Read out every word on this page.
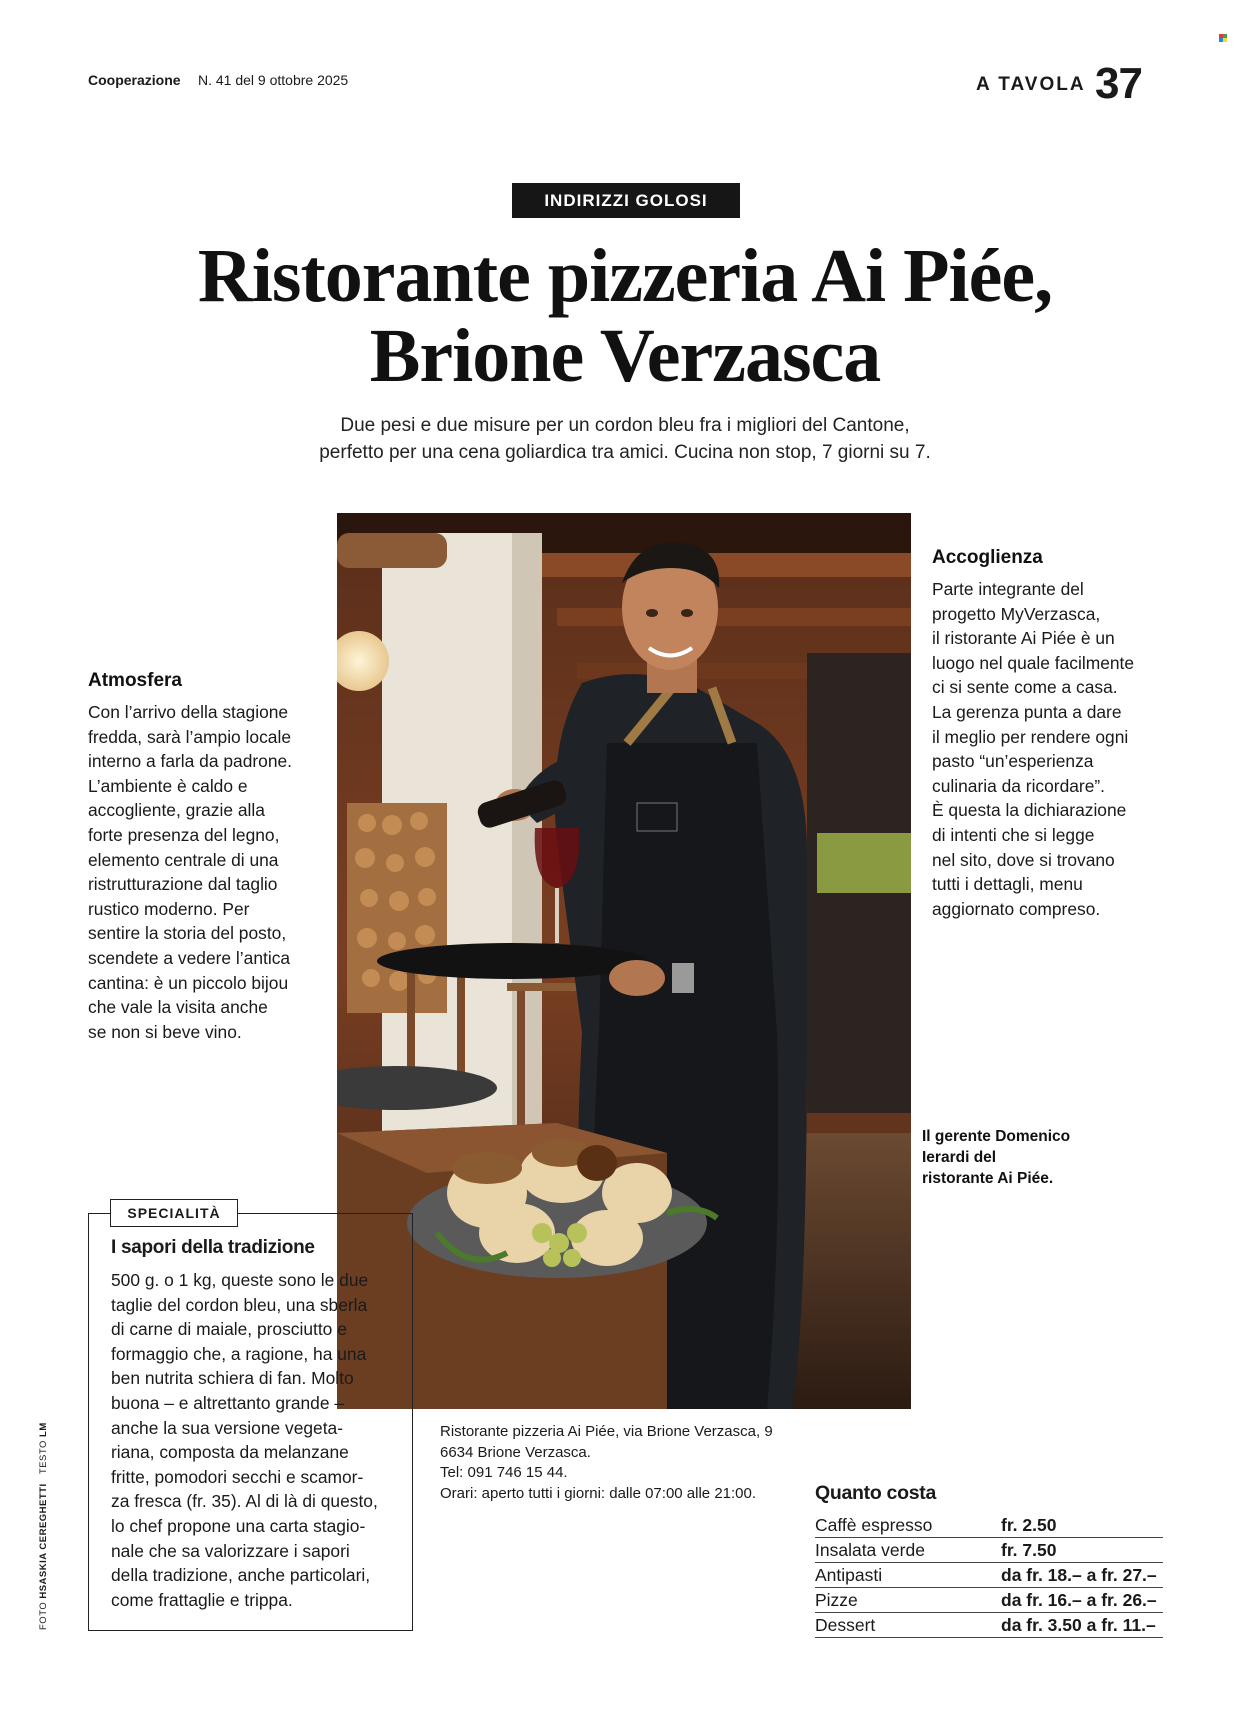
Cooperazione N. 41 del 9 ottobre 2025	A TAVOLA 37
INDIRIZZI GOLOSI
Ristorante pizzeria Ai Piée,
Brione Verzasca
Due pesi e due misure per un cordon bleu fra i migliori del Cantone,
perfetto per una cena goliardica tra amici. Cucina non stop, 7 giorni su 7.
Atmosfera
Con l’arrivo della stagione
fredda, sarà l’ampio locale
interno a farla da padrone.
L’ambiente è caldo e
accogliente, grazie alla
forte presenza del legno,
elemento centrale di una
ristrutturazione dal taglio
rustico moderno. Per
sentire la storia del posto,
scendete a vedere l’antica
cantina: è un piccolo bijou
che vale la visita anche
se non si beve vino.
Accoglienza
Parte integrante del
progetto MyVerzasca,
il ristorante Ai Piée è un
luogo nel quale facilmente
ci si sente come a casa.
La gerenza punta a dare
il meglio per rendere ogni
pasto “un’esperienza
culinaria da ricordare”.
È questa la dichiarazione
di intenti che si legge
nel sito, dove si trovano
tutti i dettagli, menu
aggiornato compreso.
Il gerente Domenico
Ierardi del
ristorante Ai Piée.
SPECIALITÀ
I sapori della tradizione
500 g. o 1 kg, queste sono le due
taglie del cordon bleu, una sberla
di carne di maiale, prosciutto e
formaggio che, a ragione, ha una
ben nutrita schiera di fan. Molto
buona – e altrettanto grande –
anche la sua versione vegeta-
riana, composta da melanzane
fritte, pomodori secchi e scamor-
za fresca (fr. 35). Al di là di questo,
lo chef propone una carta stagio-
nale che sa valorizzare i sapori
della tradizione, anche particolari,
come frattaglie e trippa.
FOTO HSASKIA CEREGHETTI   TESTO LM	Ristorante pizzeria Ai Piée, via Brione Verzasca, 9
6634 Brione Verzasca.
Tel: 091 746 15 44.
Orari: aperto tutti i giorni: dalle 07:00 alle 21:00.	Quanto costa
Caffè espresso	fr. 2.50
Insalata verde	fr. 7.50
Antipasti	da fr. 18.– a fr. 27.–
Pizze	da fr. 16.– a fr. 26.–
Dessert	da fr. 3.50 a fr. 11.–
